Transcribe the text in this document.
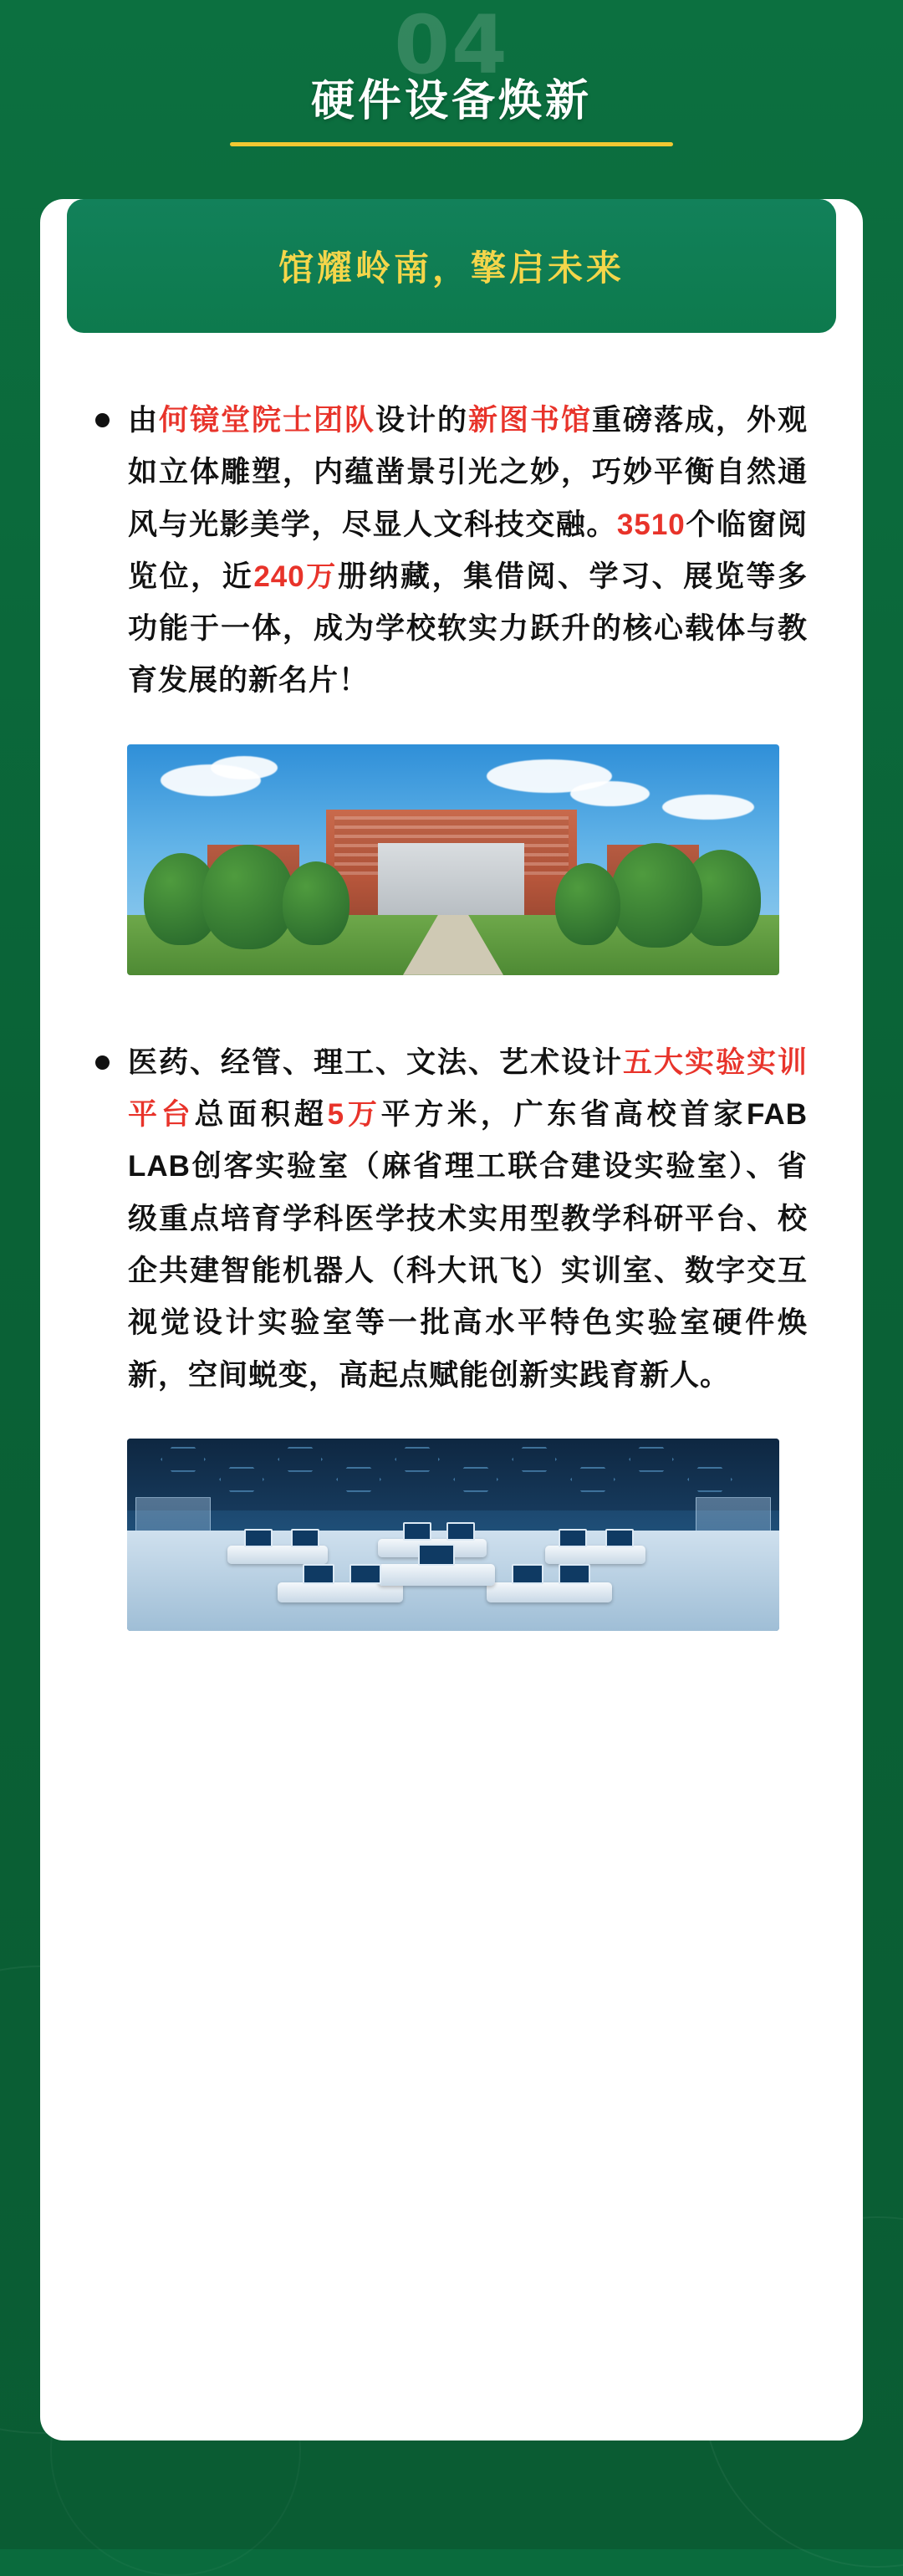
04
硬件设备焕新
馆耀岭南，擎启未来
由何镜堂院士团队设计的新图书馆重磅落成，外观如立体雕塑，内蕴凿景引光之妙，巧妙平衡自然通风与光影美学，尽显人文科技交融。3510个临窗阅览位，近240万册纳藏，集借阅、学习、展览等多功能于一体，成为学校软实力跃升的核心载体与教育发展的新名片！
医药、经管、理工、文法、艺术设计五大实验实训平台总面积超5万平方米，广东省高校首家FAB LAB创客实验室（麻省理工联合建设实验室）、省级重点培育学科医学技术实用型教学科研平台、校企共建智能机器人（科大讯飞）实训室、数字交互视觉设计实验室等一批高水平特色实验室硬件焕新，空间蜕变，高起点赋能创新实践育新人。
